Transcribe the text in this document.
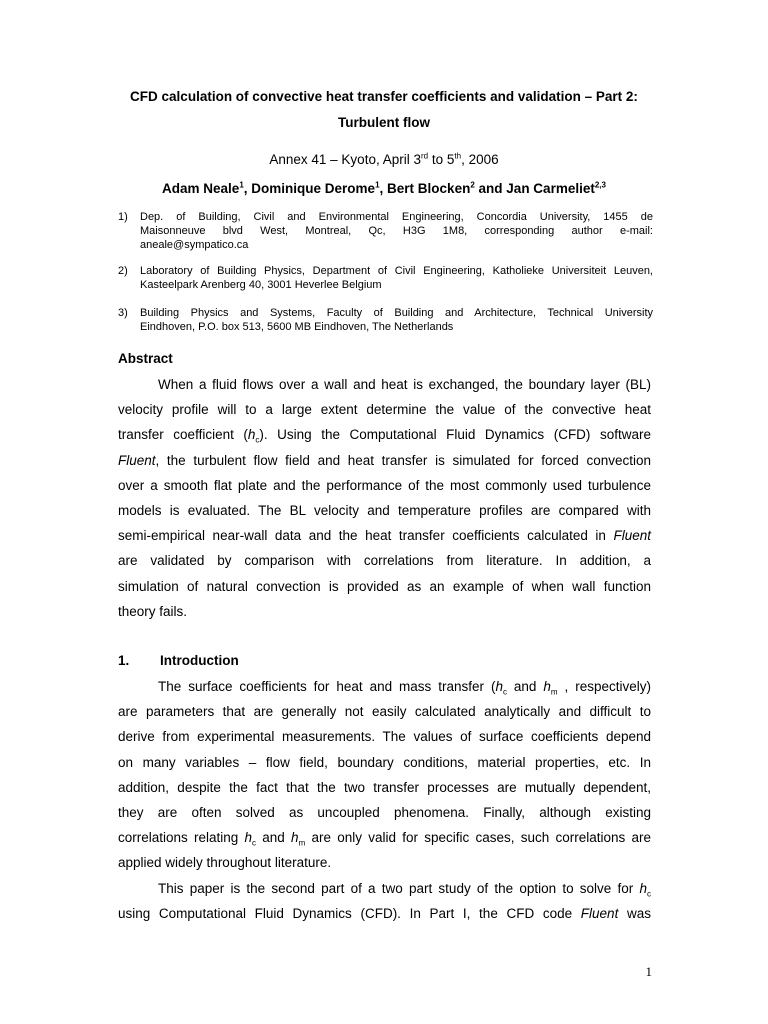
CFD calculation of convective heat transfer coefficients and validation – Part 2:
Turbulent flow
Annex 41 – Kyoto, April 3rd to 5th, 2006
Adam Neale$^1$, Dominique Derome$^1$, Bert Blocken$^2$ and Jan Carmeliet$^{2,3}$
1)	Dep. of Building, Civil and Environmental Engineering, Concordia University, 1455 de
Maisonneuve blvd West, Montreal, Qc, H3G 1M8, corresponding author e-mail:
aneale@sympatico.ca
2)	Laboratory of Building Physics, Department of Civil Engineering, Katholieke Universiteit Leuven,
Kasteelpark Arenberg 40, 3001 Heverlee Belgium
3)	Building Physics and Systems, Faculty of Building and Architecture, Technical University
Eindhoven, P.O. box 513, 5600 MB Eindhoven, The Netherlands
Abstract
When a fluid flows over a wall and heat is exchanged, the boundary layer (BL)
velocity profile will to a large extent determine the value of the convective heat
transfer coefficient $(h_c)$. Using the Computational Fluid Dynamics (CFD) software
Fluent, the turbulent flow field and heat transfer is simulated for forced convection
over a smooth flat plate and the performance of the most commonly used turbulence
models is evaluated. The BL velocity and temperature profiles are compared with
semi-empirical near-wall data and the heat transfer coefficients calculated in Fluent
are validated by comparison with correlations from literature. In addition, a
simulation of natural convection is provided as an example of when wall function
theory fails.
1. Introduction
The surface coefficients for heat and mass transfer ($h_c$ and $h_m$ , respectively)
are parameters that are generally not easily calculated analytically and difficult to
derive from experimental measurements. The values of surface coefficients depend
on many variables – flow field, boundary conditions, material properties, etc. In
addition, despite the fact that the two transfer processes are mutually dependent,
they are often solved as uncoupled phenomena. Finally, although existing
correlations relating $h_c$ and $h_m$ are only valid for specific cases, such correlations are
applied widely throughout literature.
This paper is the second part of a two part study of the option to solve for $h_c$
using Computational Fluid Dynamics (CFD). In Part I, the CFD code Fluent was
1
